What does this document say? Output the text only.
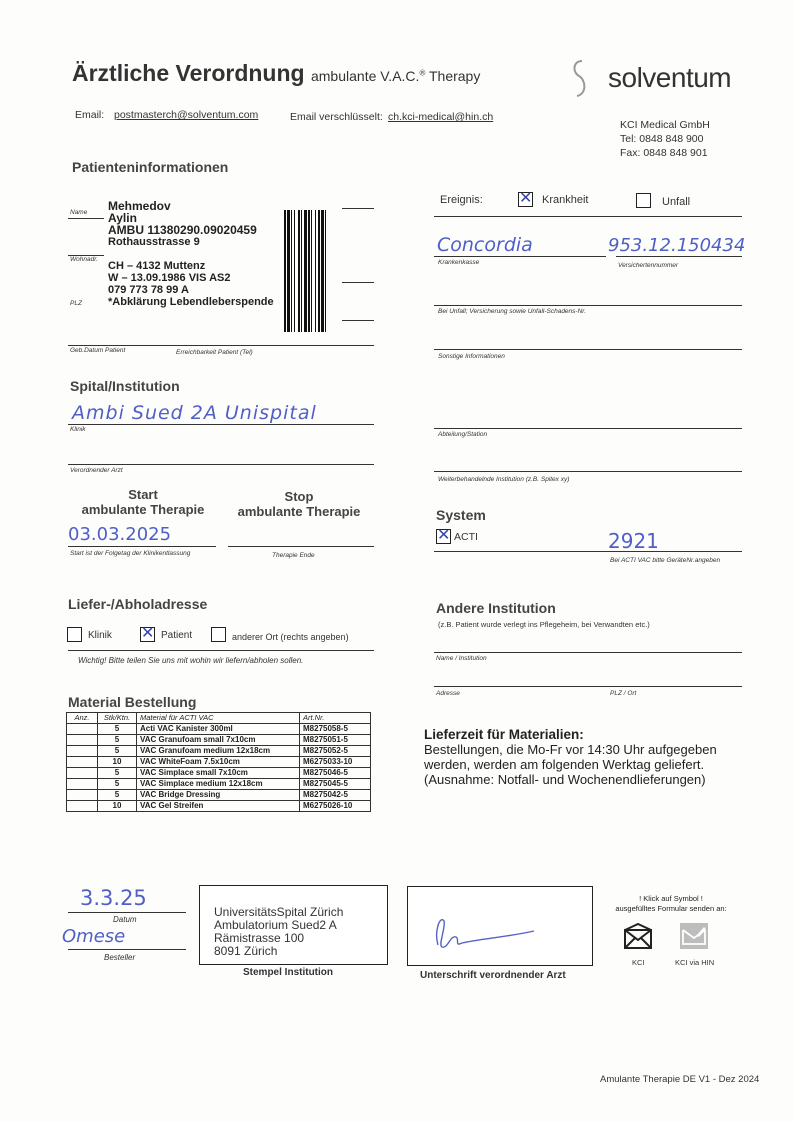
Ärztliche Verordnung ambulante V.A.C.® Therapy	solventum
Email: postmasterch@solventum.com	Email verschlüsselt: ch.kci-medical@hin.ch
KCI Medical GmbH
Tel: 0848 848 900
Fax: 0848 848 901
Patienteninformationen
Mehmedov
Aylin
AMBU 11380290.09020459
Rothausstrasse 9
CH – 4132 Muttenz
W – 13.09.1986 VIS AS2
079 773 78 99 A
*Abklärung Lebendleberspende
Name
Wohnadr.
PLZ
Geb.Datum Patient	Erreichbarkeit Patient (Tel)
Ereignis: ✕	Krankheit	Unfall
Concordia	953.12.150434
Krankenkasse	Versichertennummer
Bei Unfall; Versicherung sowie Unfall-Schadens-Nr.
Sonstige Informationen
Spital/Institution
Ambi Sued 2A Unispital
Klinik
Verordnender Arzt
Abteilung/Station
Weiterbehandelnde Institution (z.B. Spitex xy)
Start
ambulante Therapie
Stop
ambulante Therapie
03.03.2025
Start ist der Folgetag der Klinikentlassung	Therapie Ende
System
✕
ACTI	2921
Bei ACTI VAC bitte GeräteNr.angeben
Liefer-/Abholadresse
Klinik ✕	Patient	anderer Ort (rechts angeben)
Wichtig! Bitte teilen Sie uns mit wohin wir liefern/abholen sollen.
Andere Institution
(z.B. Patient wurde verlegt ins Pflegeheim, bei Verwandten etc.)
Name / Institution
Adresse	PLZ / Ort
Material Bestellung
Anz.	Stk/Ktn.	Material für ACTI VAC	Art.Nr.
	5	Acti VAC Kanister 300ml	M8275058-5
	5	VAC Granufoam small 7x10cm	M8275051-5
	5	VAC Granufoam medium 12x18cm	M8275052-5
	10	VAC WhiteFoam 7.5x10cm	M6275033-10
	5	VAC Simplace small 7x10cm	M8275046-5
	5	VAC Simplace medium 12x18cm	M8275045-5
	5	VAC Bridge Dressing	M8275042-5
	10	VAC Gel Streifen	M6275026-10
Lieferzeit für Materialien:
Bestellungen, die Mo-Fr vor 14:30 Uhr aufgegeben
werden, werden am folgenden Werktag geliefert.
(Ausnahme: Notfall- und Wochenendlieferungen)
3.3.25
Datum
Omese
Besteller
UniversitätsSpital Zürich
Ambulatorium Sued2 A
Rämistrasse 100
8091 Zürich
Stempel Institution	Unterschrift verordnender Arzt
! Klick auf Symbol !
ausgefülltes Formular senden an:
KCI	KCI via HIN
Amulante Therapie DE V1 - Dez 2024
